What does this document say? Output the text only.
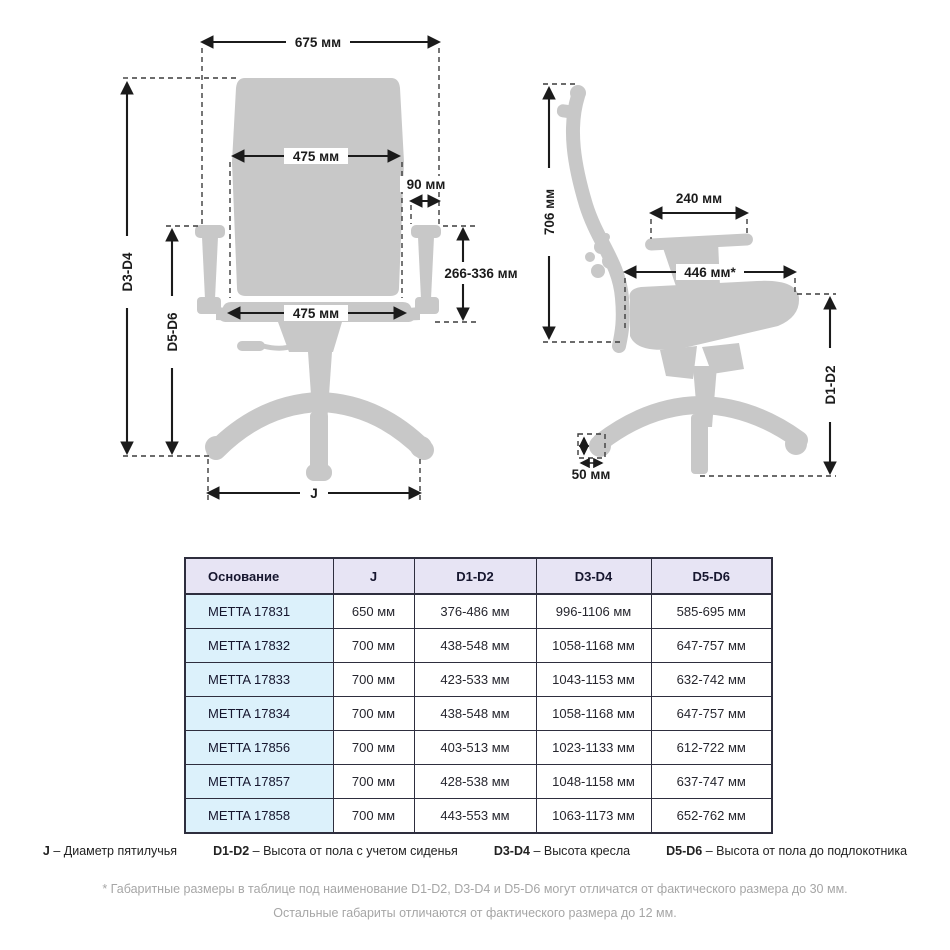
675 мм
475 мм
90 мм
266-336 мм
475 мм
D3-D4
D5-D6
J
706 мм	240 мм
446 мм*
D1-D2
50 мм
Основание	J	D1-D2	D3-D4	D5-D6
METTA 17831	650 мм	376-486 мм	996-1106 мм	585-695 мм
METTA 17832	700 мм	438-548 мм	1058-1168 мм	647-757 мм
METTA 17833	700 мм	423-533 мм	1043-1153 мм	632-742 мм
METTA 17834	700 мм	438-548 мм	1058-1168 мм	647-757 мм
METTA 17856	700 мм	403-513 мм	1023-1133 мм	612-722 мм
METTA 17857	700 мм	428-538 мм	1048-1158 мм	637-747 мм
METTA 17858	700 мм	443-553 мм	1063-1173 мм	652-762 мм
J – Диаметр пятилучья	D1-D2 – Высота от пола с учетом сиденья	D3-D4 – Высота кресла	D5-D6 – Высота от пола до подлокотника
* Габаритные размеры в таблице под наименование D1-D2, D3-D4 и D5-D6 могут отличатся от фактического размера до 30 мм.
Остальные габариты отличаются от фактического размера до 12 мм.
